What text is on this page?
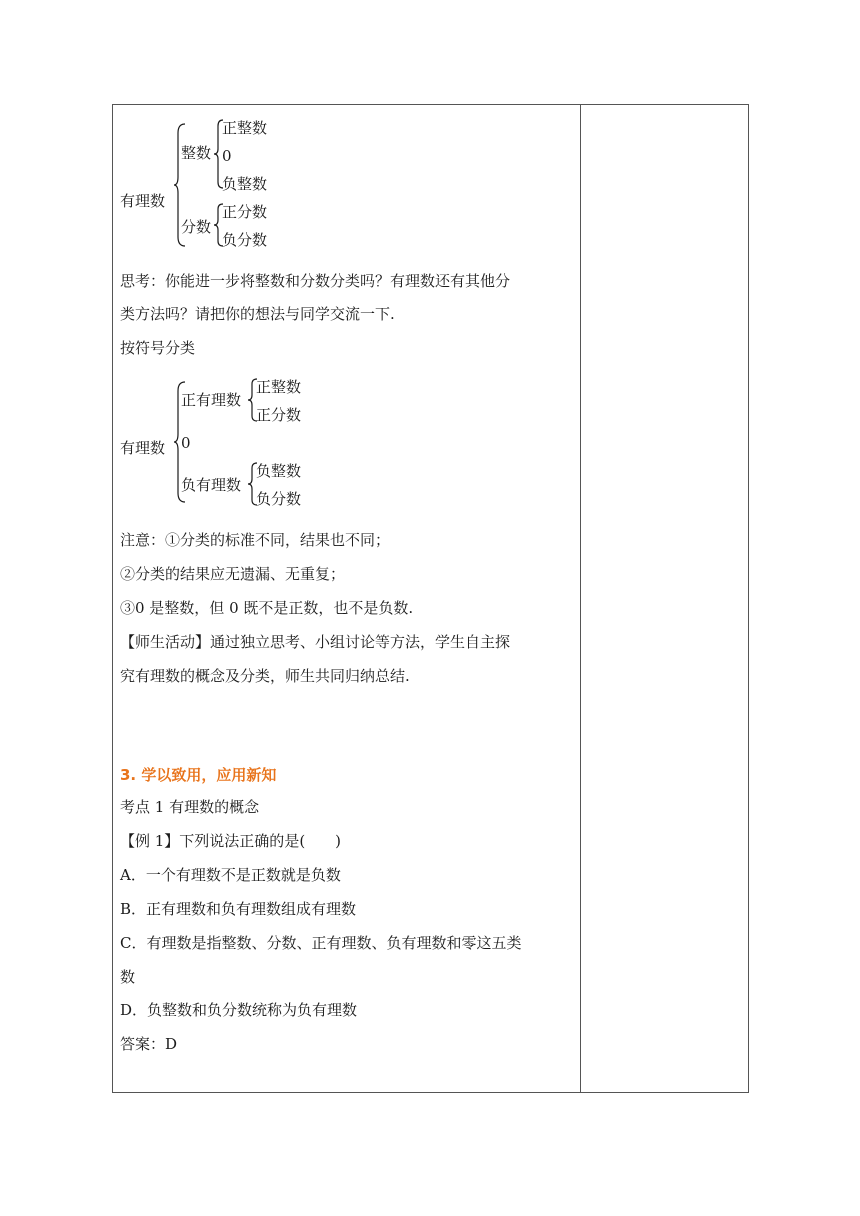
有理数
整数
正整数
0
负整数
分数
正分数
负分数
思考：你能进一步将整数和分数分类吗？有理数还有其他分
类方法吗？请把你的想法与同学交流一下.
按符号分类
有理数
正有理数
正整数
正分数
0
负有理数
负整数
负分数
注意：①分类的标准不同，结果也不同；
②分类的结果应无遗漏、无重复；
③0 是整数，但 0 既不是正数，也不是负数.
【师生活动】通过独立思考、小组讨论等方法，学生自主探
究有理数的概念及分类，师生共同归纳总结.
3. 学以致用，应用新知
考点 1 有理数的概念
【例 1】下列说法正确的是(　　)
A．一个有理数不是正数就是负数
B．正有理数和负有理数组成有理数
C．有理数是指整数、分数、正有理数、负有理数和零这五类
数
D．负整数和负分数统称为负有理数
答案：D
